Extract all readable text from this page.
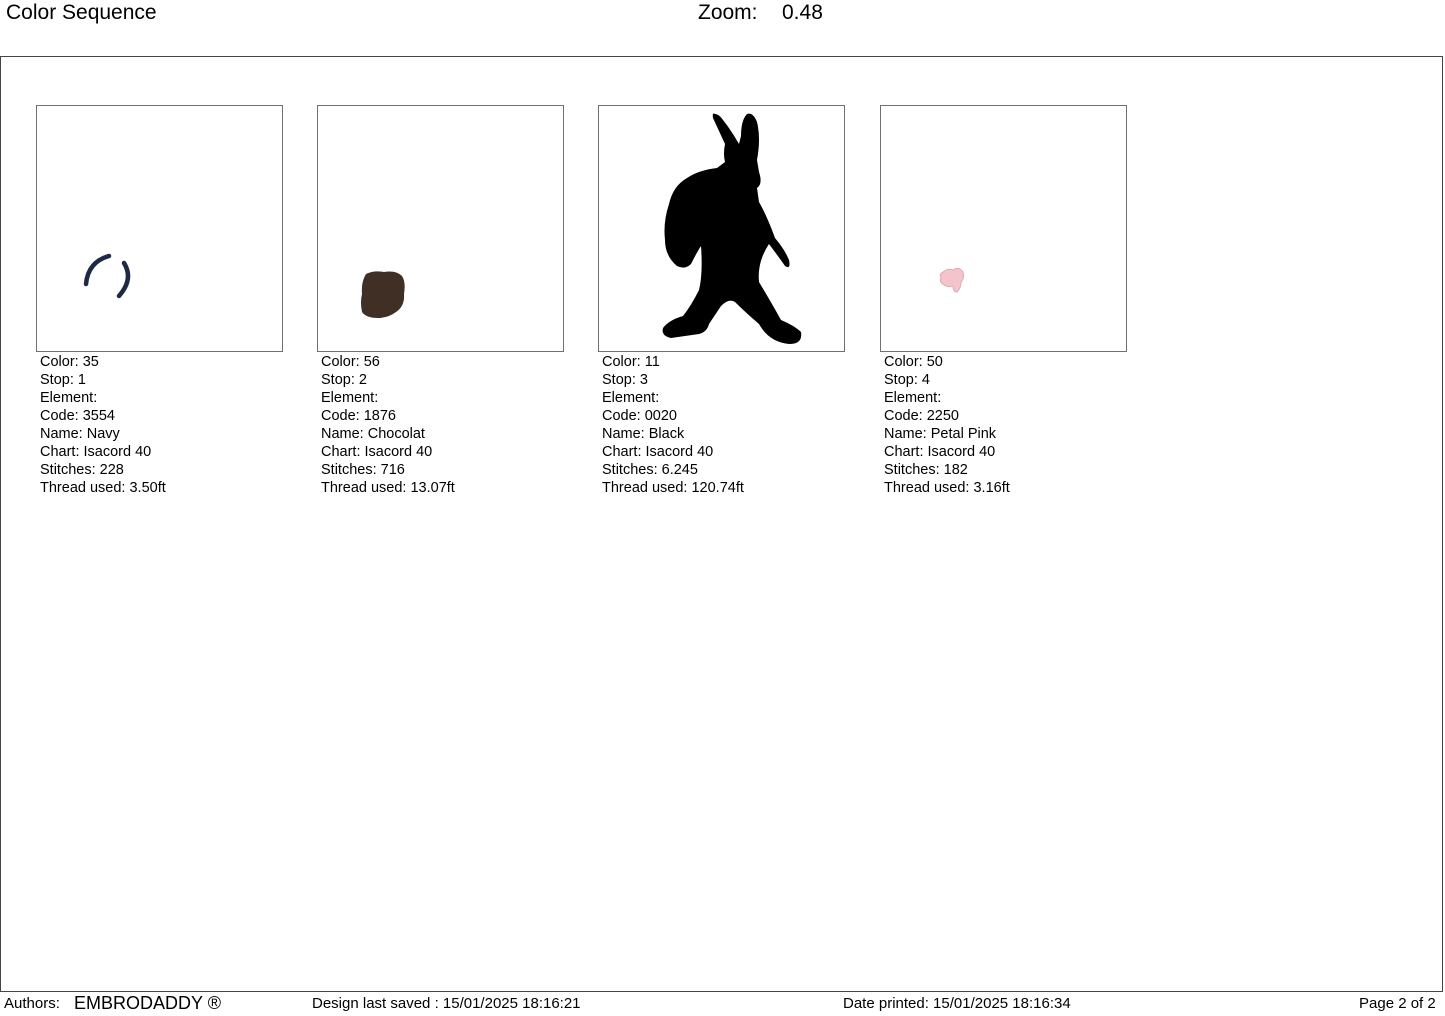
Color Sequence	Zoom: 0.48
Color: 35
Stop: 1
Element:
Code: 3554
Name: Navy
Chart: Isacord 40
Stitches: 228
Thread used: 3.50ft
Color: 56
Stop: 2
Element:
Code: 1876
Name: Chocolat
Chart: Isacord 40
Stitches: 716
Thread used: 13.07ft
Color: 11
Stop: 3
Element:
Code: 0020
Name: Black
Chart: Isacord 40
Stitches: 6.245
Thread used: 120.74ft
Color: 50
Stop: 4
Element:
Code: 2250
Name: Petal Pink
Chart: Isacord 40
Stitches: 182
Thread used: 3.16ft
Authors: EMBRODADDY ®	Design last saved : 15/01/2025 18:16:21	Date printed: 15/01/2025 18:16:34	Page 2 of 2
